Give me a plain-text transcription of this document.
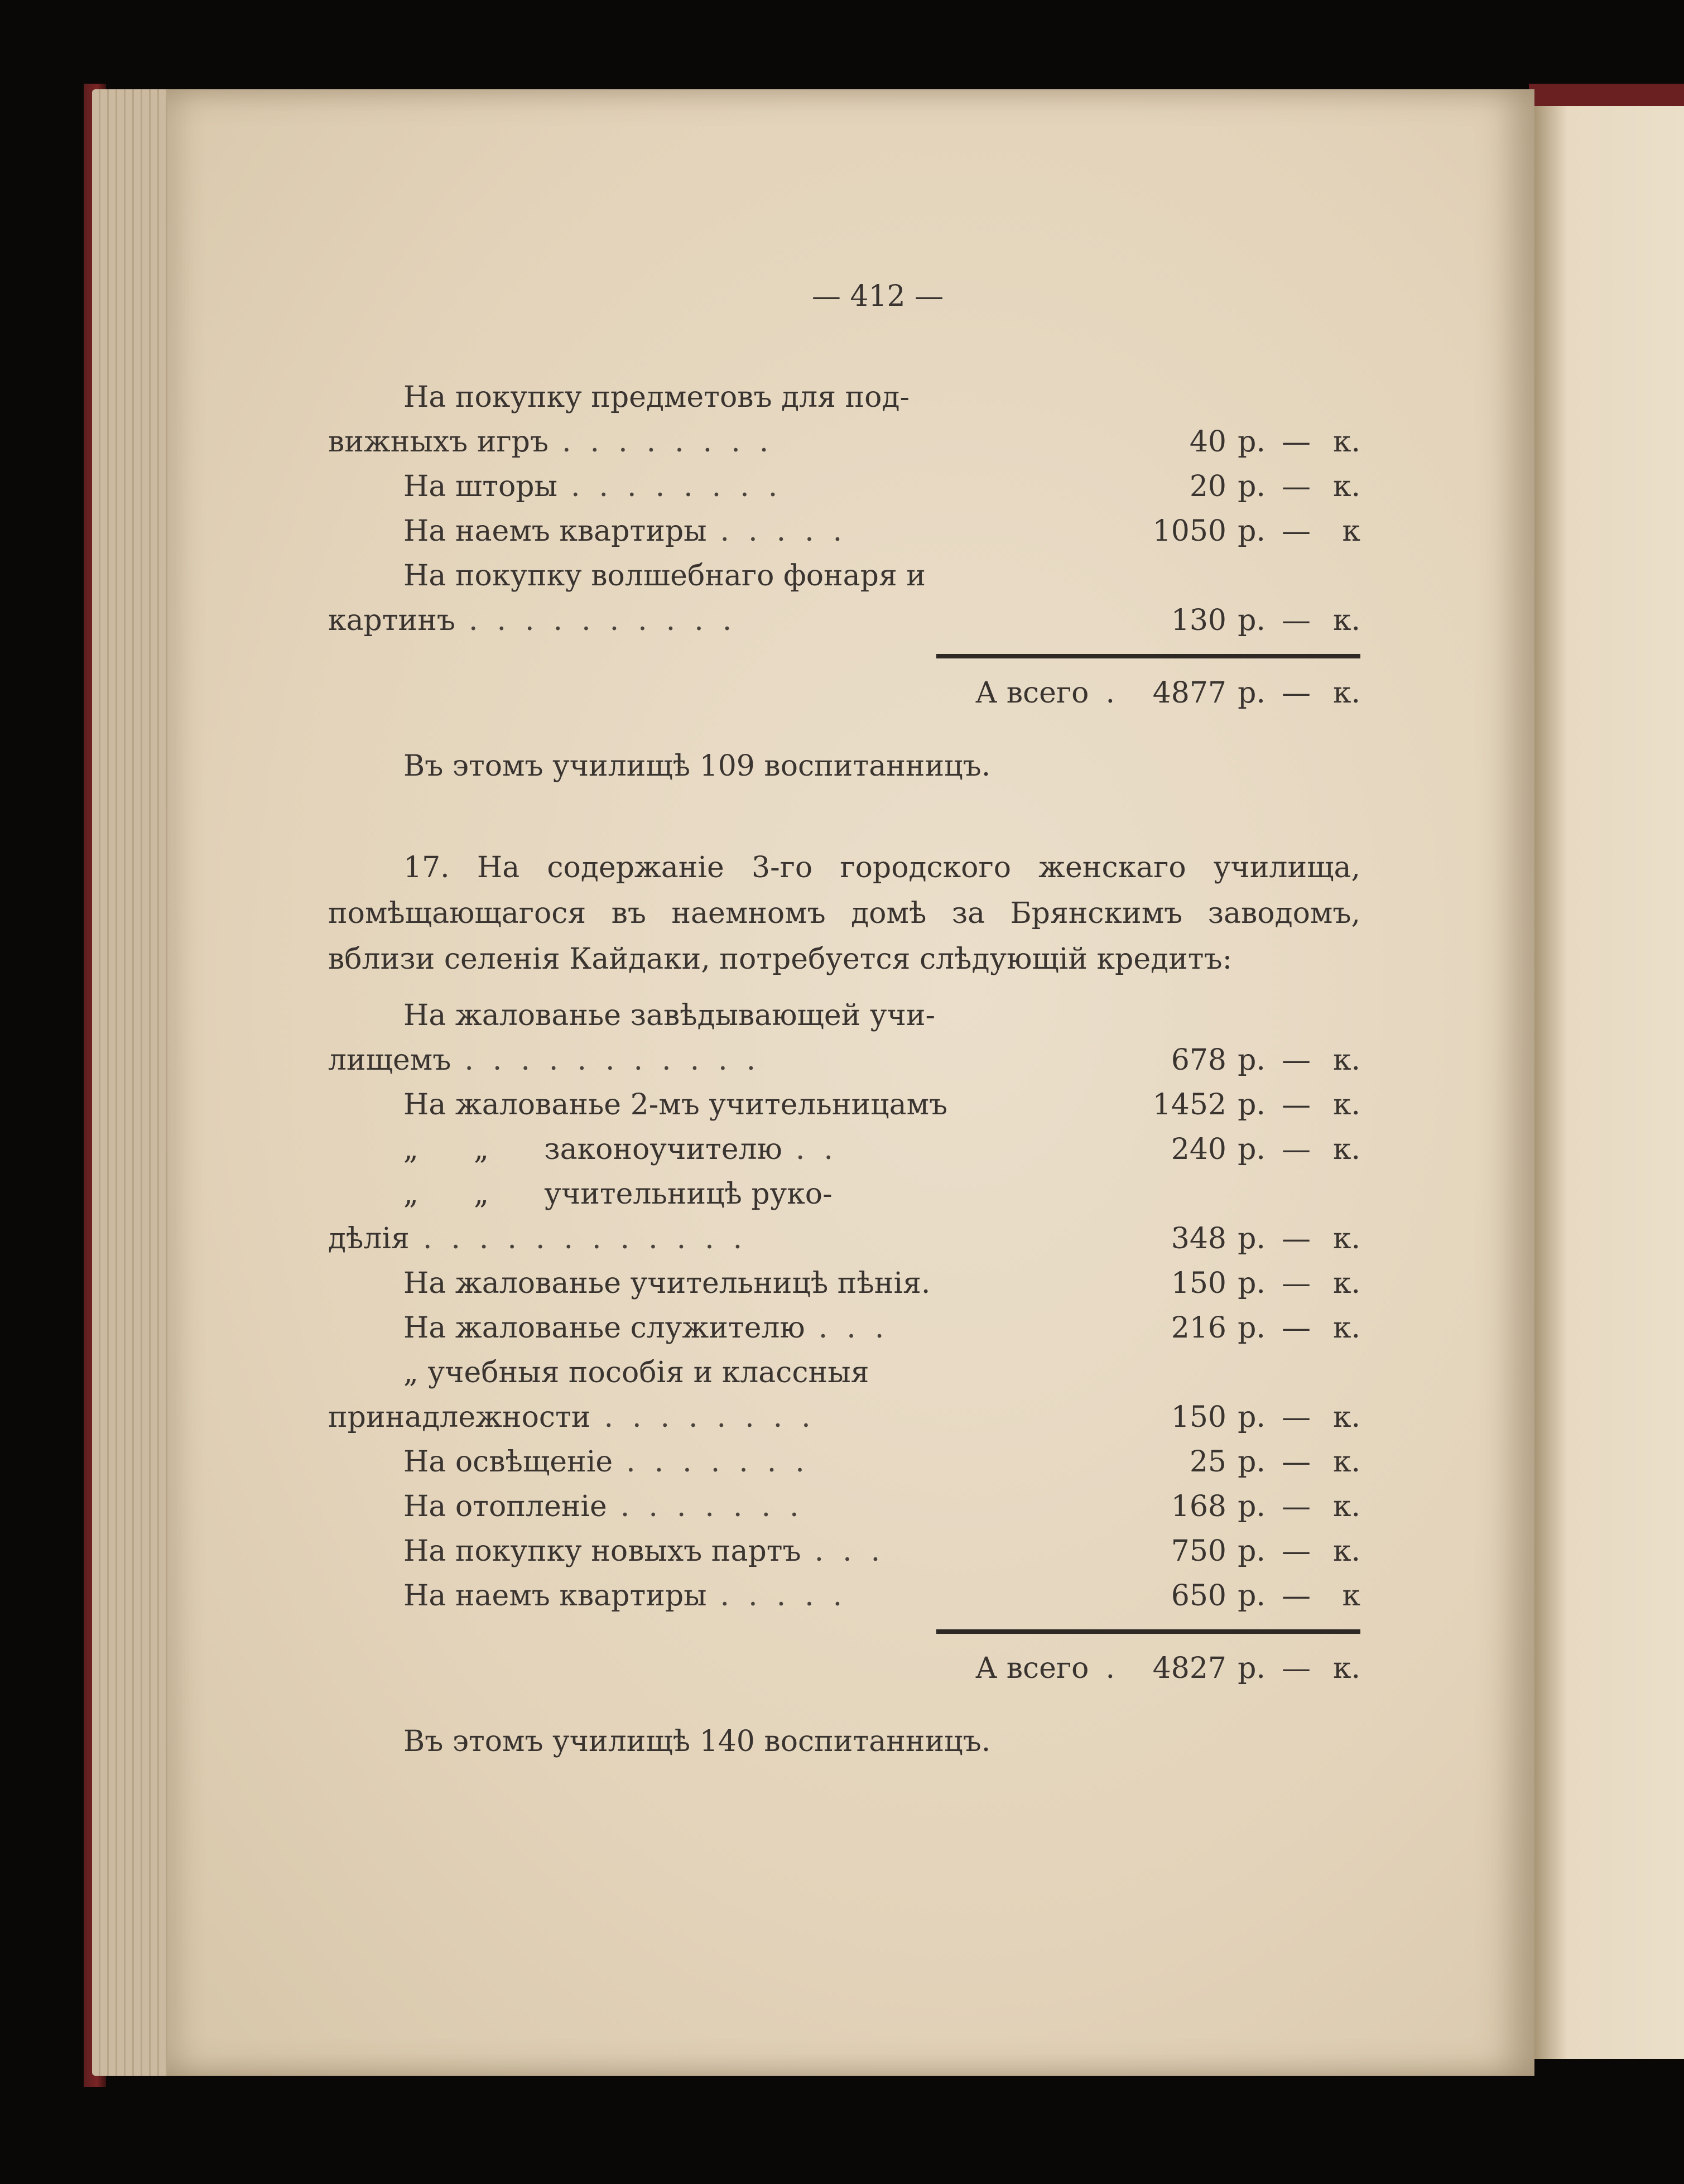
— 412 —
На покупку предметовъ для под-
вижныхъ игръ ........	40 р. — к.
На шторы ........	20 р. — к.
На наемъ квартиры .....	1050 р. —	к
На покупку волшебнаго фонаря и
картинъ ..........	130 р. — к.
А всего .	4877 р. — к.
Въ этомъ училищѣ 109 воспитанницъ.
17. На содержаніе 3-го городского женскаго училища, помѣщающагося въ наемномъ домѣ за Брянскимъ заводомъ, вблизи селенія Кайдаки, потребуется слѣдующій кредитъ:
На жалованье завѣдывающей учи-
лищемъ ...........	678 р. — к.
На жалованье 2-мъ учительницамъ	1452 р. — к.
„      „      законоучителю ..	240 р. — к.
„      „      учительницѣ руко-
дѣлія ............	348 р. — к.
На жалованье учительницѣ пѣнія.	150 р. — к.
На жалованье служителю ...	216 р. — к.
„ учебныя пособія и классныя
принадлежности ........	150 р. — к.
На освѣщеніе .......	25 р. — к.
На отопленіе .......	168 р. — к.
На покупку новыхъ партъ ...	750 р. — к.
На наемъ квартиры .....	650 р. —	к
А всего .	4827 р. — к.
Въ этомъ училищѣ 140 воспитанницъ.
